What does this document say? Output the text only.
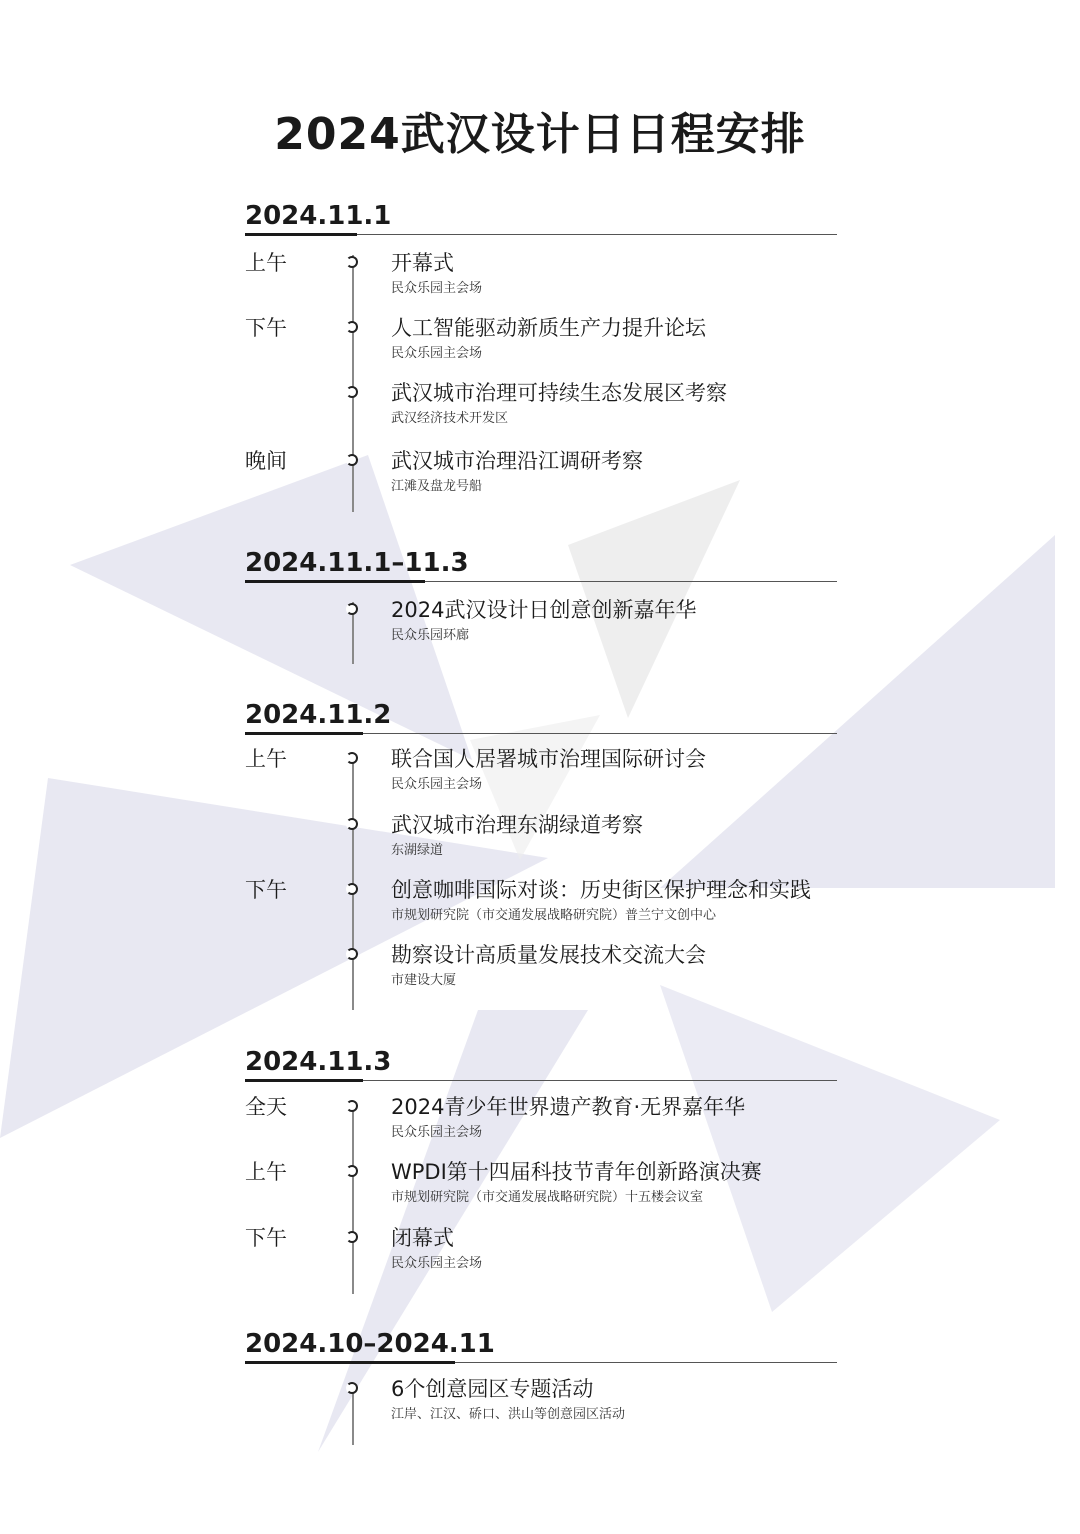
2024武汉设计日日程安排
2024.11.1
上午	开幕式
民众乐园主会场
下午	人工智能驱动新质生产力提升论坛
民众乐园主会场
武汉城市治理可持续生态发展区考察
武汉经济技术开发区
晚间	武汉城市治理沿江调研考察
江滩及盘龙号船
2024.11.1–11.3
2024武汉设计日创意创新嘉年华
民众乐园环廊
2024.11.2
上午	联合国人居署城市治理国际研讨会
民众乐园主会场
武汉城市治理东湖绿道考察
东湖绿道
下午	创意咖啡国际对谈：历史街区保护理念和实践
市规划研究院（市交通发展战略研究院）普兰宁文创中心
勘察设计高质量发展技术交流大会
市建设大厦
2024.11.3
全天	2024青少年世界遗产教育·无界嘉年华
民众乐园主会场
上午	WPDI第十四届科技节青年创新路演决赛
市规划研究院（市交通发展战略研究院）十五楼会议室
下午	闭幕式
民众乐园主会场
2024.10–2024.11
6个创意园区专题活动
江岸、江汉、硚口、洪山等创意园区活动
